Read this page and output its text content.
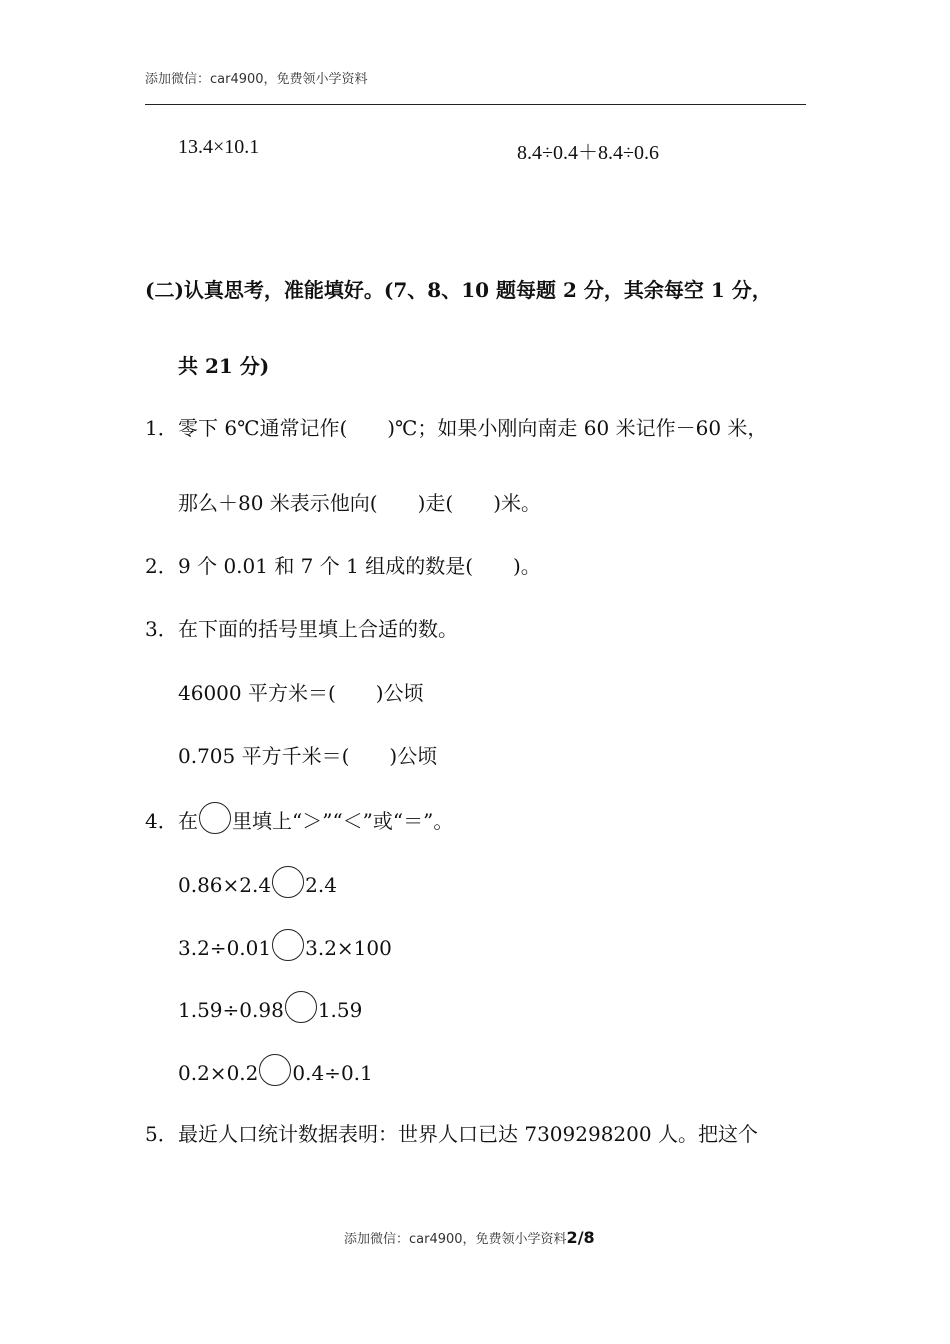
添加微信：car4900，免费领小学资料
13.4×10.1	8.4÷0.4＋8.4÷0.6
(二)认真思考，准能填好。(7、8、10 题每题 2 分，其余每空 1 分，
共 21 分)
1．零下 6℃通常记作(　　)℃；如果小刚向南走 60 米记作－60 米，
那么＋80 米表示他向(　　)走(　　)米。
2．9 个 0.01 和 7 个 1 组成的数是(　　)。
3．在下面的括号里填上合适的数。
46000 平方米＝(　　)公顷
0.705 平方千米＝(　　)公顷
4．在 里填上“＞”“＜”或“＝”。
0.86×2.4 2.4
3.2÷0.01 3.2×100
1.59÷0.98 1.59
0.2×0.2 0.4÷0.1
5．最近人口统计数据表明：世界人口已达 7309298200 人。把这个
添加微信：car4900，免费领小学资料2/8
